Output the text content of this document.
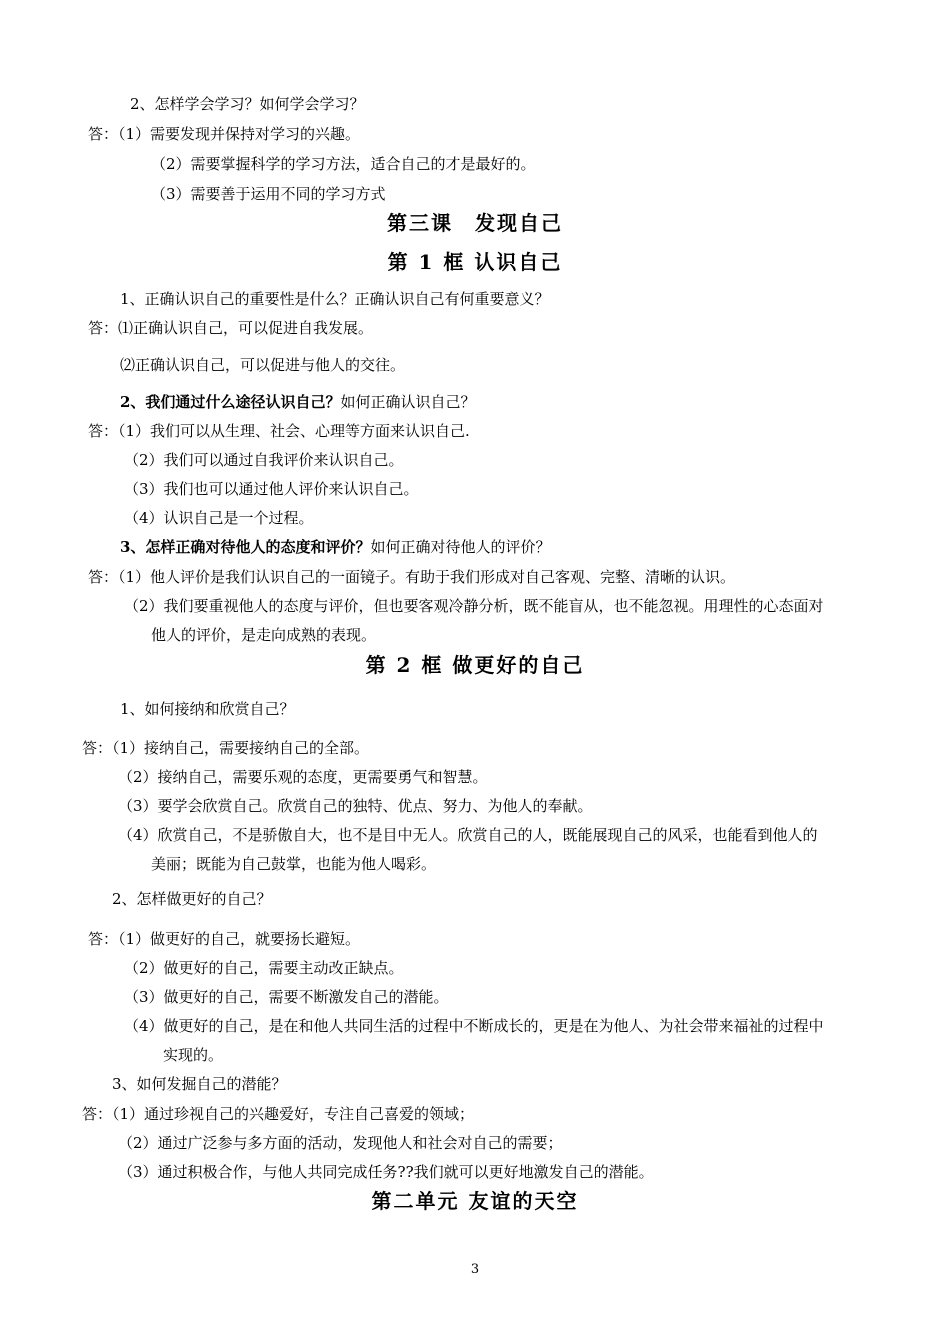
2、怎样学会学习？如何学会学习？
答：（1）需要发现并保持对学习的兴趣。
（2）需要掌握科学的学习方法，适合自己的才是最好的。
（3）需要善于运用不同的学习方式
第三课　发现自己
第 1 框 认识自己
1、正确认识自己的重要性是什么？正确认识自己有何重要意义？
答：⑴正确认识自己，可以促进自我发展。
⑵正确认识自己，可以促进与他人的交往。
2、我们通过什么途径认识自己？如何正确认识自己？
答：（1）我们可以从生理、社会、心理等方面来认识自己.
（2）我们可以通过自我评价来认识自己。
（3）我们也可以通过他人评价来认识自己。
（4）认识自己是一个过程。
3、怎样正确对待他人的态度和评价？如何正确对待他人的评价？
答：（1）他人评价是我们认识自己的一面镜子。有助于我们形成对自己客观、完整、清晰的认识。
（2）我们要重视他人的态度与评价，但也要客观冷静分析，既不能盲从，也不能忽视。用理性的心态面对
他人的评价，是走向成熟的表现。
第 2 框 做更好的自己
1、如何接纳和欣赏自己？
答：（1）接纳自己，需要接纳自己的全部。
（2）接纳自己，需要乐观的态度，更需要勇气和智慧。
（3）要学会欣赏自己。欣赏自己的独特、优点、努力、为他人的奉献。
（4）欣赏自己，不是骄傲自大，也不是目中无人。欣赏自己的人，既能展现自己的风采，也能看到他人的
美丽；既能为自己鼓掌，也能为他人喝彩。
2、怎样做更好的自己？
答：（1）做更好的自己，就要扬长避短。
（2）做更好的自己，需要主动改正缺点。
（3）做更好的自己，需要不断激发自己的潜能。
（4）做更好的自己，是在和他人共同生活的过程中不断成长的，更是在为他人、为社会带来福祉的过程中
实现的。
3、如何发掘自己的潜能？
答：（1）通过珍视自己的兴趣爱好，专注自己喜爱的领域；
（2）通过广泛参与多方面的活动，发现他人和社会对自己的需要；
（3）通过积极合作，与他人共同完成任务??我们就可以更好地激发自己的潜能。
第二单元 友谊的天空
3
